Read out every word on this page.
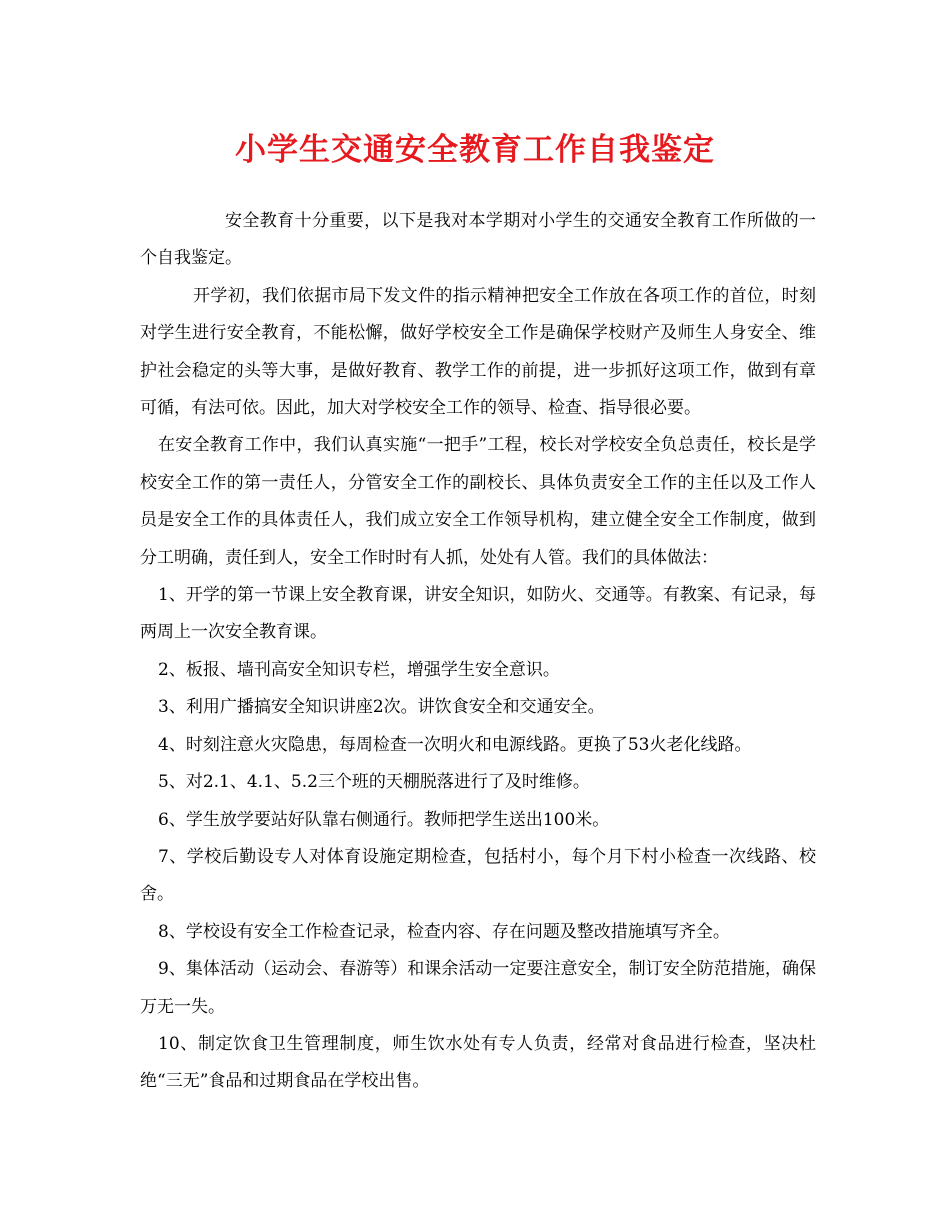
小学生交通安全教育工作自我鉴定

安全教育十分重要，以下是我对本学期对小学生的交通安全教育工作所做的一个自我鉴定。

开学初，我们依据市局下发文件的指示精神把安全工作放在各项工作的首位，时刻对学生进行安全教育，不能松懈，做好学校安全工作是确保学校财产及师生人身安全、维护社会稳定的头等大事，是做好教育、教学工作的前提，进一步抓好这项工作，做到有章可循，有法可依。因此，加大对学校安全工作的领导、检查、指导很必要。

在安全教育工作中，我们认真实施“一把手”工程，校长对学校安全负总责任，校长是学校安全工作的第一责任人，分管安全工作的副校长、具体负责安全工作的主任以及工作人员是安全工作的具体责任人，我们成立安全工作领导机构，建立健全安全工作制度，做到分工明确，责任到人，安全工作时时有人抓，处处有人管。我们的具体做法：

1、开学的第一节课上安全教育课，讲安全知识，如防火、交通等。有教案、有记录，每两周上一次安全教育课。

2、板报、墙刊高安全知识专栏，增强学生安全意识。

3、利用广播搞安全知识讲座2次。讲饮食安全和交通安全。

4、时刻注意火灾隐患，每周检查一次明火和电源线路。更换了53火老化线路。

5、对2.1、4.1、5.2三个班的天棚脱落进行了及时维修。

6、学生放学要站好队靠右侧通行。教师把学生送出100米。

7、学校后勤设专人对体育设施定期检查，包括村小，每个月下村小检查一次线路、校舍。

8、学校设有安全工作检查记录，检查内容、存在问题及整改措施填写齐全。

9、集体活动（运动会、春游等）和课余活动一定要注意安全，制订安全防范措施，确保万无一失。

10、制定饮食卫生管理制度，师生饮水处有专人负责，经常对食品进行检查，坚决杜绝“三无”食品和过期食品在学校出售。
